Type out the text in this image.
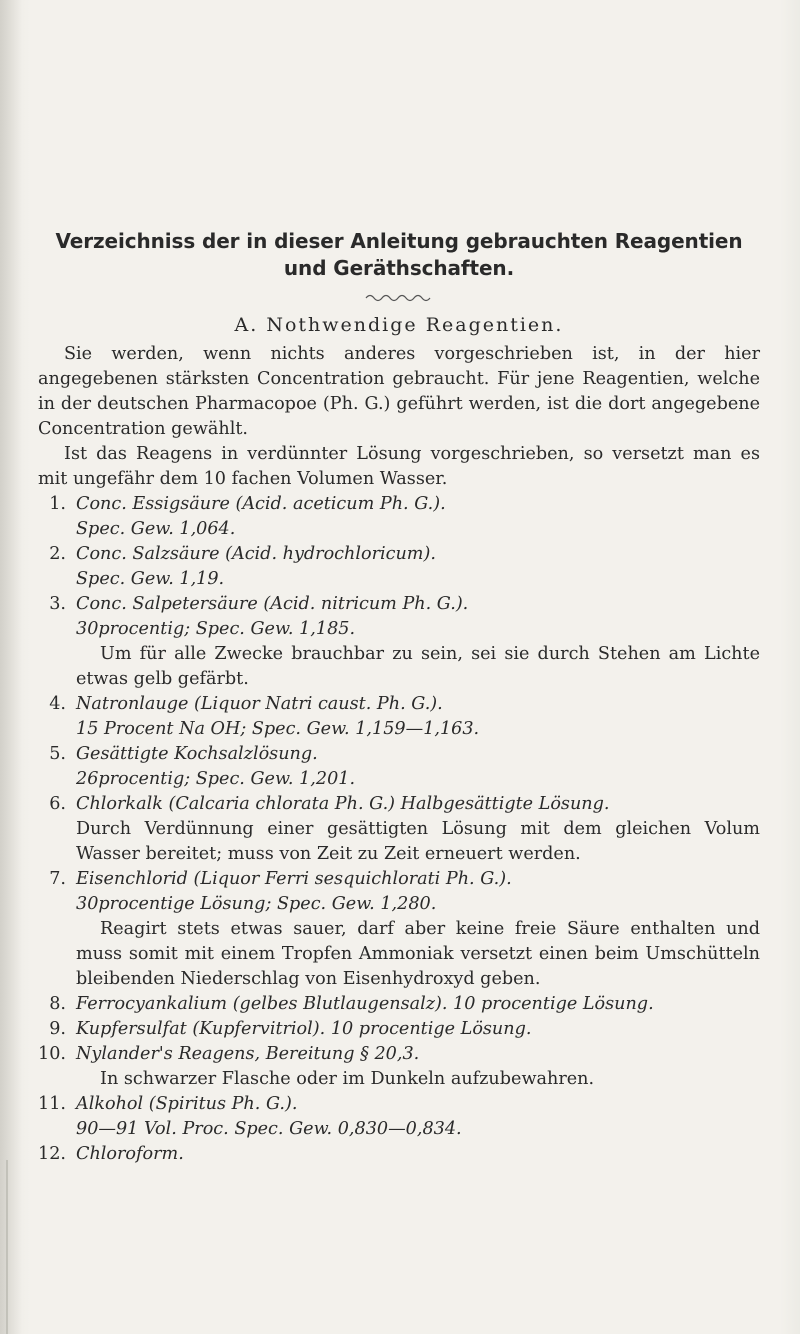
Verzeichniss der in dieser Anleitung gebrauchten Reagentien
und Geräthschaften.
A. Nothwendige Reagentien.

Sie werden, wenn nichts anderes vorgeschrieben ist, in der hier angegebenen stärksten Concentration gebraucht. Für jene Reagentien, welche in der deutschen Pharmacopoe (Ph. G.) geführt werden, ist die dort angegebene Concentration gewählt.

Ist das Reagens in verdünnter Lösung vorgeschrieben, so versetzt man es mit ungefähr dem 10 fachen Volumen Wasser.

1. Conc. Essigsäure (Acid. aceticum Ph. G.).
Spec. Gew. 1,064.
2. Conc. Salzsäure (Acid. hydrochloricum).
Spec. Gew. 1,19.
3. Conc. Salpetersäure (Acid. nitricum Ph. G.).
30procentig; Spec. Gew. 1,185.
Um für alle Zwecke brauchbar zu sein, sei sie durch Stehen am Lichte etwas gelb gefärbt.
4. Natronlauge (Liquor Natri caust. Ph. G.).
15 Procent Na OH; Spec. Gew. 1,159—1,163.
5. Gesättigte Kochsalzlösung.
26procentig; Spec. Gew. 1,201.
6. Chlorkalk (Calcaria chlorata Ph. G.) Halbgesättigte Lösung.
Durch Verdünnung einer gesättigten Lösung mit dem gleichen Volum Wasser bereitet; muss von Zeit zu Zeit erneuert werden.
7. Eisenchlorid (Liquor Ferri sesquichlorati Ph. G.).
30procentige Lösung; Spec. Gew. 1,280.
Reagirt stets etwas sauer, darf aber keine freie Säure enthalten und muss somit mit einem Tropfen Ammoniak versetzt einen beim Umschütteln bleibenden Niederschlag von Eisenhydroxyd geben.
8. Ferrocyankalium (gelbes Blutlaugensalz). 10 procentige Lösung.
9. Kupfersulfat (Kupfervitriol). 10 procentige Lösung.
10. Nylander's Reagens, Bereitung § 20,3.
In schwarzer Flasche oder im Dunkeln aufzubewahren.
11. Alkohol (Spiritus Ph. G.).
90—91 Vol. Proc. Spec. Gew. 0,830—0,834.
12. Chloroform.
